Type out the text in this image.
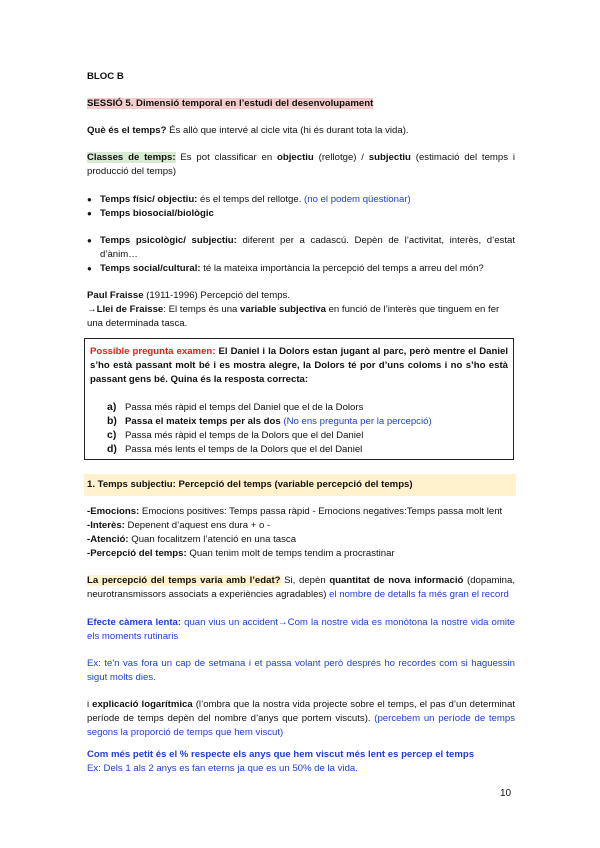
BLOC B
SESSIÓ 5. Dimensió temporal en l’estudi del desenvolupament
Què és el temps? És allò que intervé al cicle vita (hi és durant tota la vida).
Classes de temps: Es pot classificar en objectiu (rellotge) / subjectiu (estimació del temps i producció del temps)
● Temps físic/ objectiu: és el temps del rellotge. (no el podem qüestionar)
● Temps biosocial/biològic
● Temps psicològic/ subjectiu: diferent per a cadascú. Depèn de l’activitat, interès, d’estat d’ànim…
● Temps social/cultural: té la mateixa importància la percepció del temps a arreu del món?
Paul Fraisse (1911-1996) Percepció del temps.
→Llei de Fraisse: El temps és una variable subjectiva en funció de l’interès que tinguem en fer una determinada tasca.
Possible pregunta examen: El Daniel i la Dolors estan jugant al parc, però mentre el Daniel s’ho està passant molt bé i es mostra alegre, la Dolors té por d’uns coloms i no s’ho està passant gens bé. Quina és la resposta correcta:
a) Passa més ràpid el temps del Daniel que el de la Dolors
b) Passa el mateix temps per als dos (No ens pregunta per la percepció)
c) Passa més ràpid el temps de la Dolors que el del Daniel
d) Passa més lents el temps de la Dolors que el del Daniel
1. Temps subjectiu: Percepció del temps (variable percepció del temps)
-Emocions: Emocions positives: Temps passa ràpid - Emocions negatives:Temps passa molt lent
-Interès: Depenent d’aquest ens dura + o -
-Atenció: Quan focalitzem l’atenció en una tasca
-Percepció del temps: Quan tenim molt de temps tendim a procrastinar
La percepció del temps varia amb l’edat? Si, depèn quantitat de nova informació (dopamina, neurotransmissors associats a experiències agradables) el nombre de detalls fa més gran el record
Efecte càmera lenta: quan vius un accident→Com la nostre vida es monòtona la nostre vida omite els moments rutinaris
Ex: te'n vas fora un cap de setmana i et passa volant però després ho recordes com si haguessin sigut molts dies.
i explicació logarítmica (l’ombra que la nostra vida projecte sobre el temps, el pas d’un determinat període de temps depèn del nombre d’anys que portem viscuts). (percebem un període de temps segons la proporció de temps que hem viscut)
Com més petit és el % respecte els anys que hem viscut més lent es percep el temps
Ex: Dels 1 als 2 anys es fan eterns ja que es un 50% de la vida.
10
